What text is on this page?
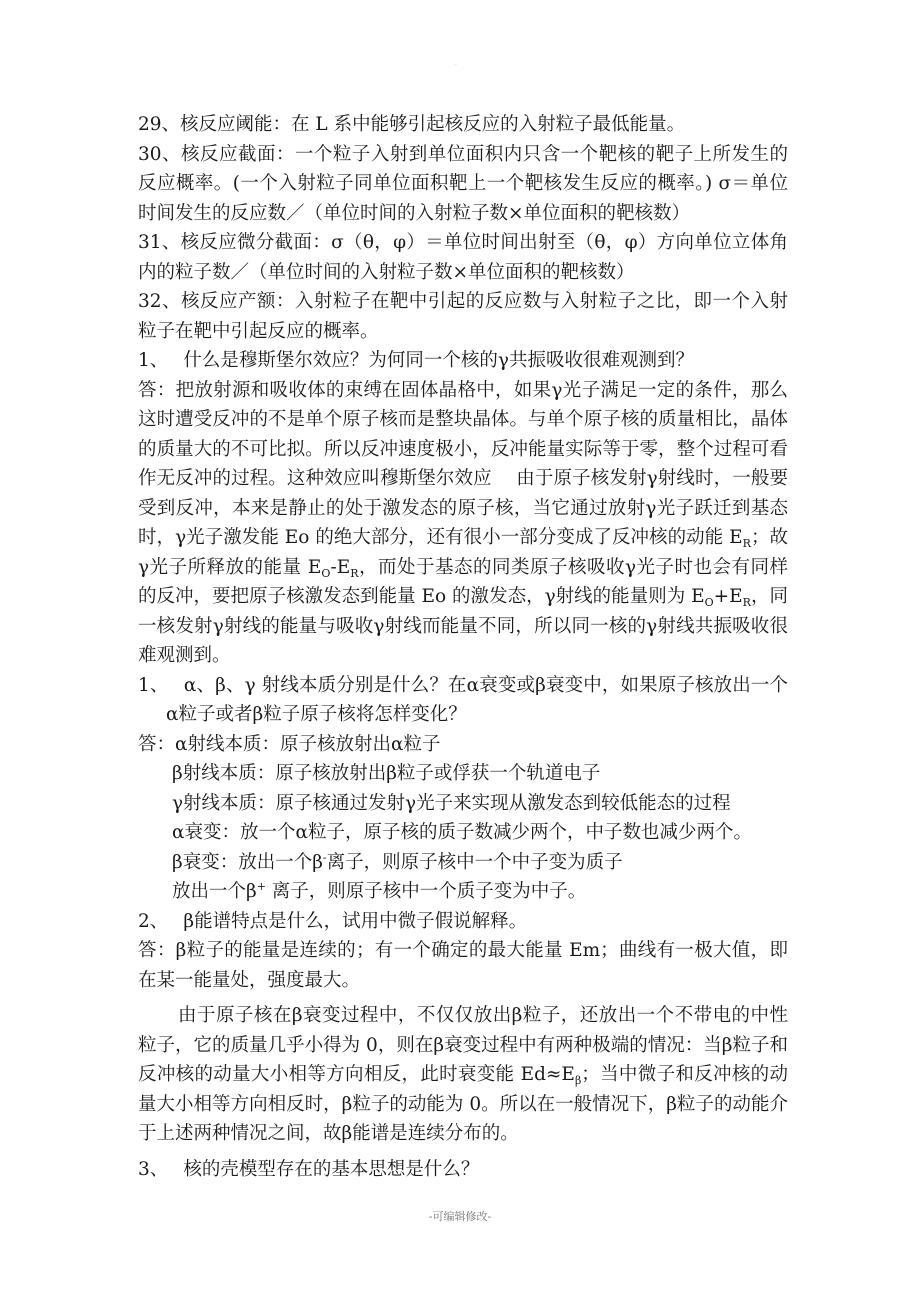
.

29、核反应阈能：在 L 系中能够引起核反应的入射粒子最低能量。

30、核反应截面：一个粒子入射到单位面积内只含一个靶核的靶子上所发生的反应概率。(一个入射粒子同单位面积靶上一个靶核发生反应的概率。) σ＝单位时间发生的反应数／（单位时间的入射粒子数×单位面积的靶核数）

31、核反应微分截面：σ（θ，φ）＝单位时间出射至（θ，φ）方向单位立体角内的粒子数／（单位时间的入射粒子数×单位面积的靶核数）

32、核反应产额：入射粒子在靶中引起的反应数与入射粒子之比，即一个入射粒子在靶中引起反应的概率。

1、　 什么是穆斯堡尔效应？为何同一个核的γ共振吸收很难观测到？

答：把放射源和吸收体的束缚在固体晶格中，如果γ光子满足一定的条件，那么这时遭受反冲的不是单个原子核而是整块晶体。与单个原子核的质量相比，晶体的质量大的不可比拟。所以反冲速度极小，反冲能量实际等于零，整个过程可看作无反冲的过程。这种效应叫穆斯堡尔效应　 由于原子核发射γ射线时，一般要受到反冲，本来是静止的处于激发态的原子核，当它通过放射γ光子跃迁到基态时，γ光子激发能 Eo 的绝大部分，还有很小一部分变成了反冲核的动能 $E_R$；故γ光子所释放的能量 $E_O-E_R$，而处于基态的同类原子核吸收γ光子时也会有同样的反冲，要把原子核激发态到能量 Eo 的激发态，γ射线的能量则为 $E_O+E_R$，同一核发射γ射线的能量与吸收γ射线而能量不同，所以同一核的γ射线共振吸收很难观测到。

1、　 α、β、γ 射线本质分别是什么？在α衰变或β衰变中，如果原子核放出一个α粒子或者β粒子原子核将怎样变化？

答：α射线本质：原子核放射出α粒子

β射线本质：原子核放射出β粒子或俘获一个轨道电子

γ射线本质：原子核通过发射γ光子来实现从激发态到较低能态的过程

α衰变：放一个α粒子，原子核的质子数减少两个，中子数也减少两个。

β衰变：放出一个β-离子，则原子核中一个中子变为质子

放出一个β+ 离子，则原子核中一个质子变为中子。

2、　 β能谱特点是什么，试用中微子假说解释。

答：β粒子的能量是连续的；有一个确定的最大能量 Em；曲线有一极大值，即在某一能量处，强度最大。

由于原子核在β衰变过程中，不仅仅放出β粒子，还放出一个不带电的中性粒子，它的质量几乎小得为 0，则在β衰变过程中有两种极端的情况：当β粒子和反冲核的动量大小相等方向相反，此时衰变能 $Ed\approx E_\beta$；当中微子和反冲核的动量大小相等方向相反时，β粒子的动能为 0。所以在一般情况下，β粒子的动能介于上述两种情况之间，故β能谱是连续分布的。

3、　 核的壳模型存在的基本思想是什么？

-可编辑修改-
